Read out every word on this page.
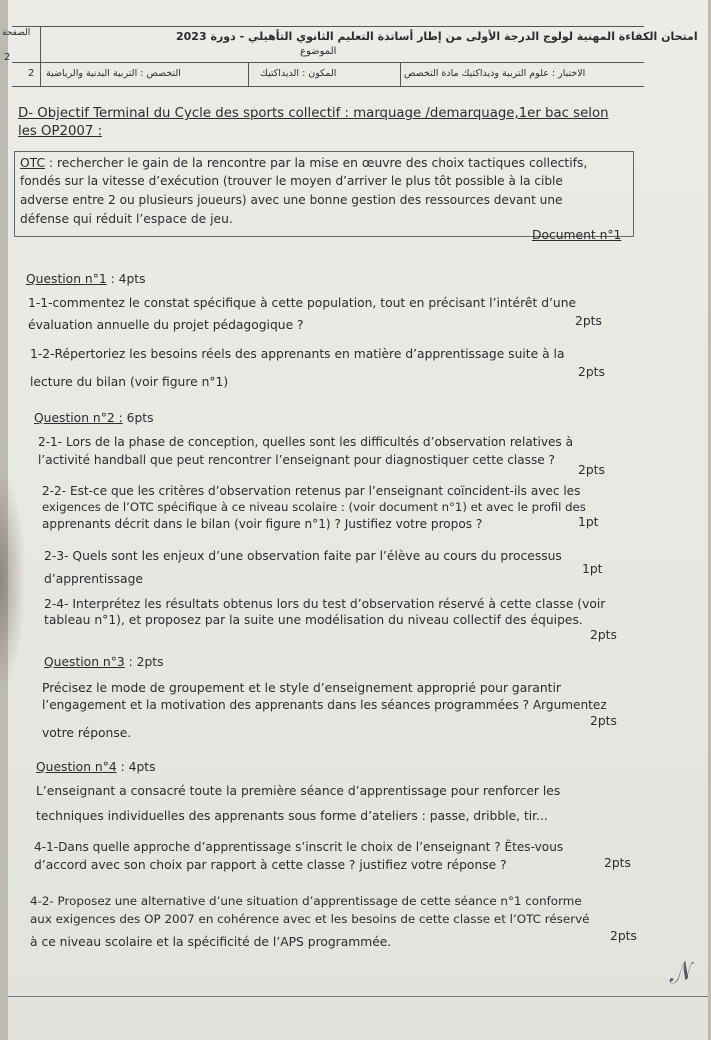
الصفحة
2
2
امتحان الكفاءة المهنية لولوج الدرجة الأولى من إطار أساتذة التعليم الثانوي التأهيلي - دورة 2023
الموضوع
التخصص : التربية البدنية والرياضية	المكون : الديداكتيك	الاختبار : علوم التربية وديداكتيك مادة التخصص
D- Objectif Terminal du Cycle des sports collectif : marquage /demarquage,1er bac selon
les OP2007 :
OTC : rechercher le gain de la rencontre par la mise en œuvre des choix tactiques collectifs,
fondés sur la vitesse d’exécution (trouver le moyen d’arriver le plus tôt possible à la cible
adverse entre 2 ou plusieurs joueurs) avec une bonne gestion des ressources devant une
défense qui réduit l’espace de jeu.
Document n°1
Question n°1 : 4pts
1-1-commentez le constat spécifique à cette population, tout en précisant l’intérêt d’une
évaluation annuelle du projet pédagogique ?	2pts
1-2-Répertoriez les besoins réels des apprenants en matière d’apprentissage suite à la
lecture du bilan (voir figure n°1)
2pts
Question n°2 : 6pts
2-1- Lors de la phase de conception, quelles sont les difficultés d’observation relatives à
l’activité handball que peut rencontrer l’enseignant pour diagnostiquer cette classe ?
2pts
2-2- Est-ce que les critères d’observation retenus par l’enseignant coïncident-ils avec les
exigences de l’OTC spécifique à ce niveau scolaire : (voir document n°1) et avec le profil des
apprenants décrit dans le bilan (voir figure n°1) ? Justifiez votre propos ?	1pt
2-3- Quels sont les enjeux d’une observation faite par l’élève au cours du processus
d’apprentissage
1pt
2-4- Interprétez les résultats obtenus lors du test d’observation réservé à cette classe (voir
tableau n°1), et proposez par la suite une modélisation du niveau collectif des équipes.
2pts
Question n°3 : 2pts
Précisez le mode de groupement et le style d’enseignement approprié pour garantir
l’engagement et la motivation des apprenants dans les séances programmées ? Argumentez
votre réponse.
2pts
Question n°4 : 4pts
L’enseignant a consacré toute la première séance d’apprentissage pour renforcer les
techniques individuelles des apprenants sous forme d’ateliers : passe, dribble, tir...
4-1-Dans quelle approche d’apprentissage s’inscrit le choix de l’enseignant ? Êtes-vous
d’accord avec son choix par rapport à cette classe ? justifiez votre réponse ?	2pts
4-2- Proposez une alternative d’une situation d’apprentissage de cette séance n°1 conforme
aux exigences des OP 2007 en cohérence avec et les besoins de cette classe et l’OTC réservé
à ce niveau scolaire et la spécificité de l’APS programmée.	2pts
𝒩
